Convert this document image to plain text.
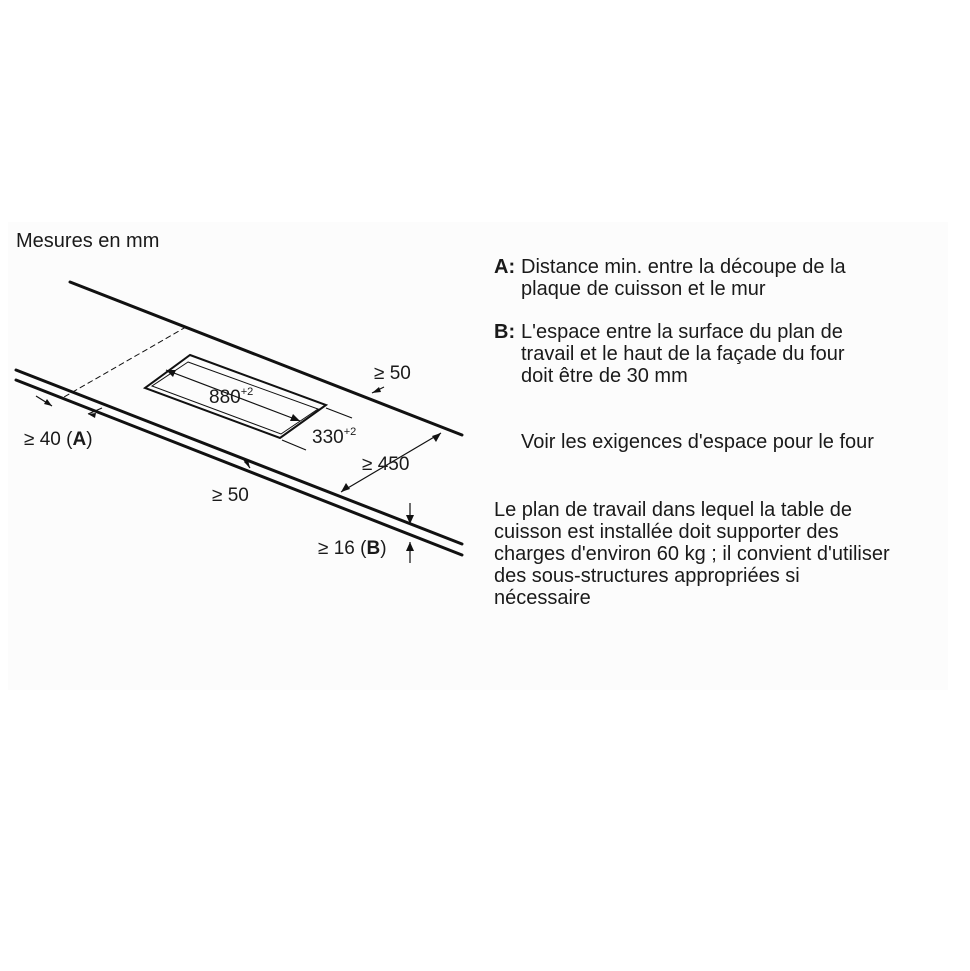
Mesures en mm
$880^{+2}$
$330^{+2}$
≥ 50
≥ 450
≥ 50
≥ 40 (A)
≥ 16 (B)
A: Distance min. entre la découpe de la
plaque de cuisson et le mur
B: L'espace entre la surface du plan de
travail et le haut de la façade du four
doit être de 30 mm
Voir les exigences d'espace pour le four
Le plan de travail dans lequel la table de
cuisson est installée doit supporter des
charges d'environ 60 kg ; il convient d'utiliser
des sous-structures appropriées si
nécessaire
